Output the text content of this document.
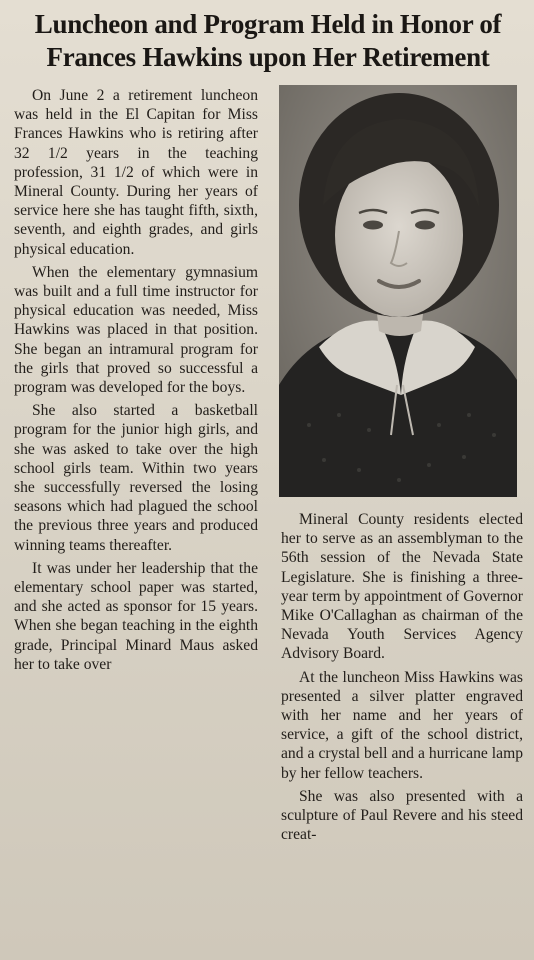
Luncheon and Program Held in Honor of Frances Hawkins upon Her Retirement

On June 2 a retirement luncheon was held in the El Capitan for Miss Frances Hawkins who is retiring after 32 1/2 years in the teaching profession, 31 1/2 of which were in Mineral County. During her years of service here she has taught fifth, sixth, seventh, and eighth grades, and girls physical education.

When the elementary gymnasium was built and a full time instructor for physical education was needed, Miss Hawkins was placed in that position. She began an intramural program for the girls that proved so successful a program was developed for the boys.

She also started a basketball program for the junior high girls, and she was asked to take over the high school girls team. Within two years she successfully reversed the losing seasons which had plagued the school the previous three years and produced winning teams thereafter.

It was under her leadership that the elementary school paper was started, and she acted as sponsor for 15 years. When she began teaching in the eighth grade, Principal Minard Maus asked her to take over

Mineral County residents elected her to serve as an assemblyman to the 56th session of the Nevada State Legislature. She is finishing a three-year term by appointment of Governor Mike O'Callaghan as chairman of the Nevada Youth Services Agency Advisory Board.

At the luncheon Miss Hawkins was presented a silver platter engraved with her name and her years of service, a gift of the school district, and a crystal bell and a hurricane lamp by her fellow teachers.

She was also presented with a sculpture of Paul Revere and his steed creat-
